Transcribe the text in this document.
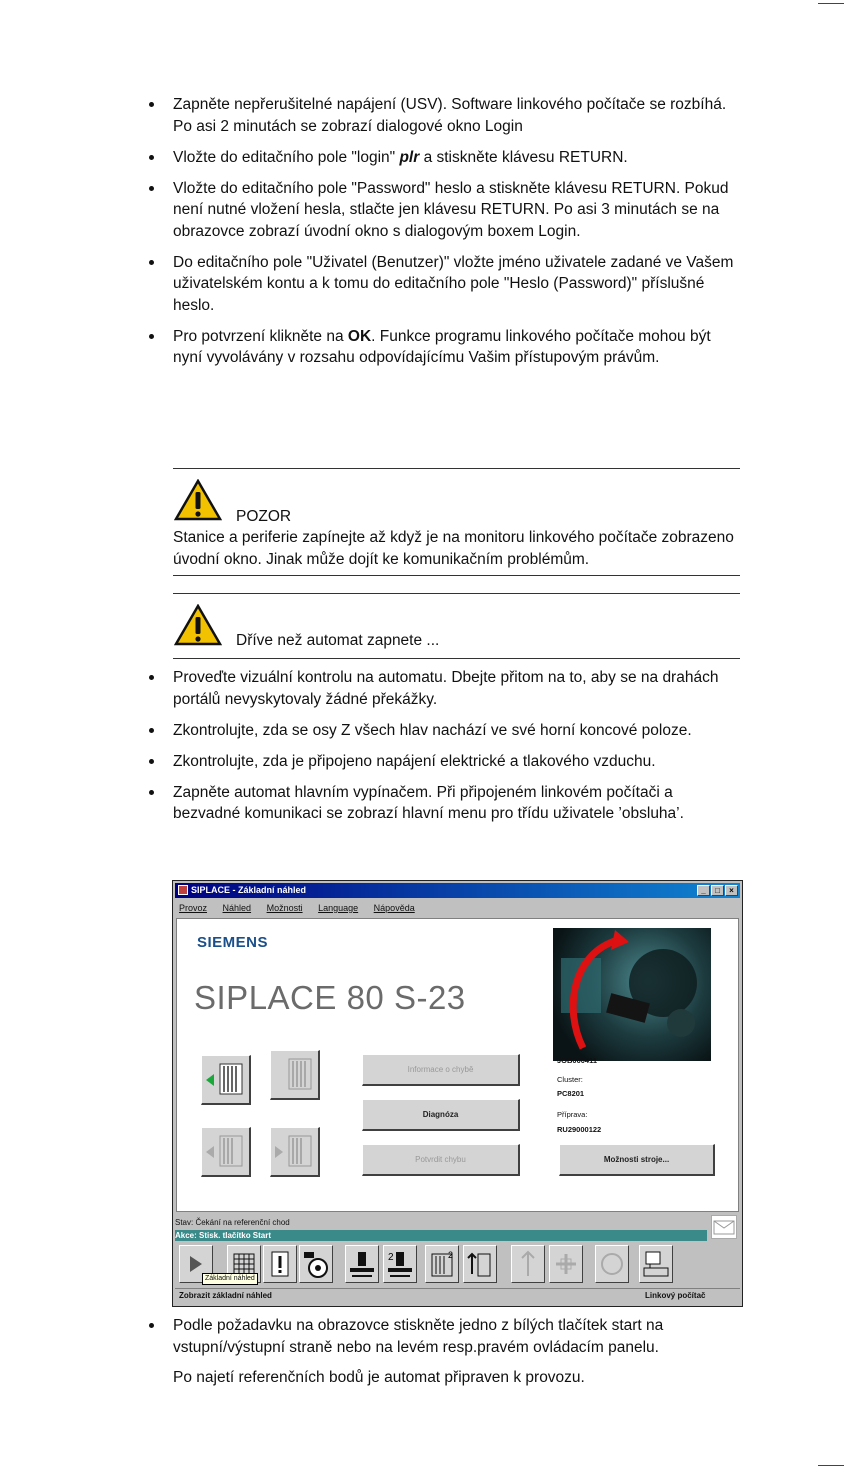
Zapněte nepřerušitelné napájení (USV). Software linkového počítače se rozbíhá. Po asi 2 minutách se zobrazí dialogové okno Login
Vložte do editačního pole "login" plr a stiskněte klávesu RETURN.
Vložte do editačního pole "Password" heslo a stiskněte klávesu RETURN. Pokud není nutné vložení hesla, stlačte jen klávesu RETURN. Po asi 3 minutách se na obrazovce zobrazí úvodní okno s dialogovým boxem Login.
Do editačního pole "Uživatel (Benutzer)" vložte jméno uživatele zadané ve Vašem uživatelském kontu a k tomu do editačního pole "Heslo (Password)" příslušné heslo.
Pro potvrzení klikněte na OK. Funkce programu linkového počítače mohou být nyní vyvolávány v rozsahu odpovídajícímu Vašim přístupovým právům.
POZOR
Stanice a periferie zapínejte až když je na monitoru linkového počítače zobrazeno úvodní okno. Jinak může dojít ke komunikačním problémům.
Dříve než automat zapnete ...
Proveďte vizuální kontrolu na automatu. Dbejte přitom na to, aby se na drahách portálů nevyskytovaly žádné překážky.
Zkontrolujte, zda se osy Z všech hlav nachází ve své horní koncové poloze.
Zkontrolujte, zda je připojeno napájení elektrické a tlakového vzduchu.
Zapněte automat hlavním vypínačem. Při připojeném linkovém počítači a bezvadné komunikaci se zobrazí hlavní menu pro třídu uživatele ’obsluha’.
SIPLACE - Základní náhled	_	□	×
Provoz Náhled Možnosti Language Nápověda
SIEMENS
SIPLACE 80 S-23
JOB000411
Cluster:
PC8201
Příprava:
RU29000122
Informace o chybě
Diagnóza
Potvrdit chybu	Možnosti stroje...
Stav: Čekání na referenční chod
Akce: Stisk. tlačítko Start
2	2
Základní náhled
Zobrazit základní náhled	Linkový počítač
Podle požadavku na obrazovce stiskněte jedno z bílých tlačítek start na vstupní/výstupní straně nebo na levém resp.pravém ovládacím panelu.
Po najetí referenčních bodů je automat připraven k provozu.
